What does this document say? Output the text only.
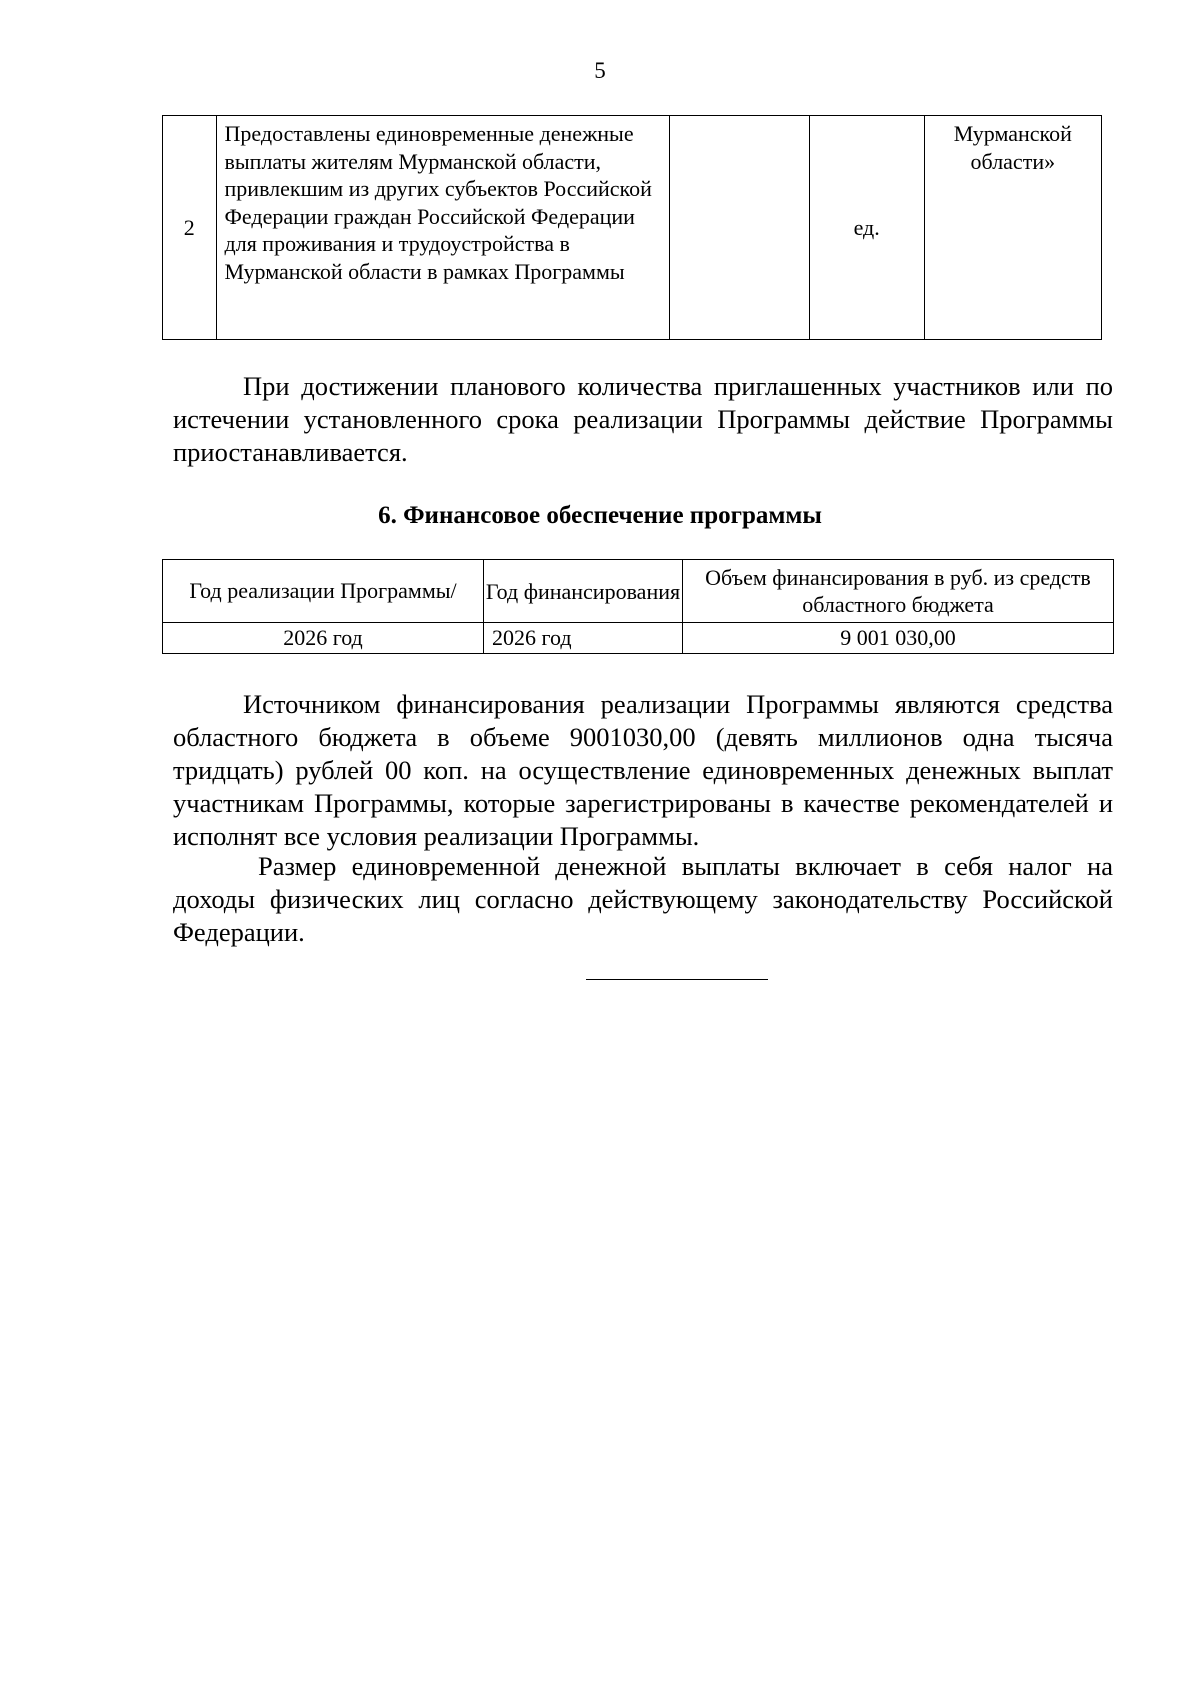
5
2	Предоставлены единовременные денежные выплаты жителям Мурманской области, привлекшим из других субъектов Российской Федерации граждан Российской Федерации для проживания и трудоустройства в Мурманской области в рамках Программы		ед.	Мурманской области»

При достижении планового количества приглашенных участников или по истечении установленного срока реализации Программы действие Программы приостанавливается.

6. Финансовое обеспечение программы
Год реализации Программы/	Год финансирования	Объем финансирования в руб. из средств областного бюджета
2026 год	2026 год	9 001 030,00

Источником финансирования реализации Программы являются средства областного бюджета в объеме 9001030,00 (девять миллионов одна тысяча тридцать) рублей 00 коп. на осуществление единовременных денежных выплат участникам Программы, которые зарегистрированы в качестве рекомендателей и исполнят все условия реализации Программы.

Размер единовременной денежной выплаты включает в себя налог на доходы физических лиц согласно действующему законодательству Российской Федерации.
